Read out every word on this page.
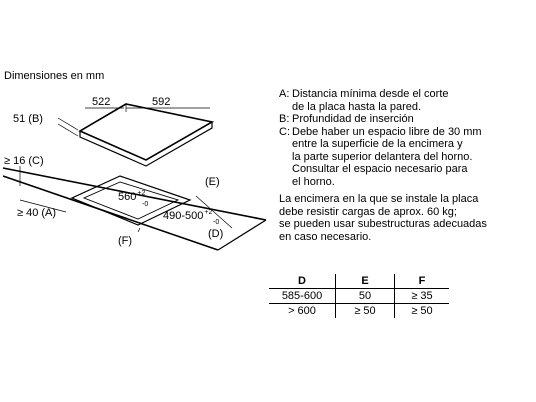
Dimensiones en mm
522	592
51 (B)
≥ 16 (C)
≥ 40 (A)
$560^{+2}$
-0
$490-500^{+2}$
-0
(E)
(D)
(F)
A: Distancia mínima desde el corte
de la placa hasta la pared.
B: Profundidad de inserción
C: Debe haber un espacio libre de 30 mm
entre la superficie de la encimera y
la parte superior delantera del horno.
Consultar el espacio necesario para
el horno.
La encimera en la que se instale la placa
debe resistir cargas de aprox. 60 kg;
se pueden usar subestructuras adecuadas
en caso necesario.
D	E	F
585-600	50	≥ 35
> 600	≥ 50	≥ 50
